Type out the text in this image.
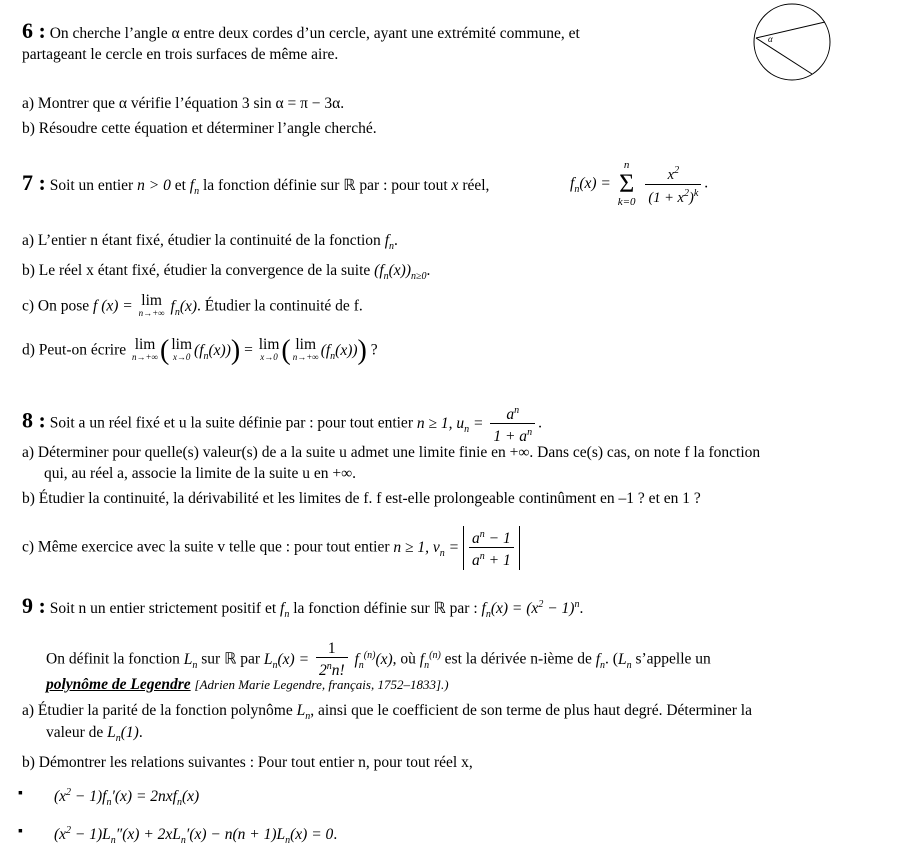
6 : On cherche l’angle α entre deux cordes d’un cercle, ayant une extrémité commune, et
partageant le cercle en trois surfaces de même aire.
α
a) Montrer que α vérifie l’équation 3 sin α = π − 3α.
b) Résoudre cette équation et déterminer l’angle cherché.
7 : Soit un entier n > 0 et $f_n$ la fonction définie sur ℝ par : pour tout x réel,	$f_n(x) = n$
Σ
$k=0 \frac{x^2}{(1 + x^2)^k}$ .
a) L’entier n étant fixé, étudier la continuité de la fonction $f_n$.
b) Le réel x étant fixé, étudier la convergence de la suite $(f_n(x))_{n\ge 0}$.
c) On pose f (x) = lim
n→+∞ $f_n(x)$. Étudier la continuité de f.
d) Peut-on écrire lim
n→+∞ ( lim
x→0 $(f_n(x))) = \lim$
x→0 ( lim
n→+∞ $(f_n(x))$) ?
8 : Soit a un réel fixé et u la suite définie par : pour tout entier n ≥ 1, $u_n = \frac{a^n}{1 + a^n}$ .
a) Déterminer pour quelle(s) valeur(s) de a la suite u admet une limite finie en +∞. Dans ce(s) cas, on note f la fonction
qui, au réel a, associe la limite de la suite u en +∞.
b) Étudier la continuité, la dérivabilité et les limites de f. f est-elle prolongeable continûment en –1 ? et en 1 ?
c) Même exercice avec la suite v telle que : pour tout entier n ≥ 1, $v_n = \frac{a^n - 1}{a^n + 1}$
9 : Soit n un entier strictement positif et $f_n$ la fonction définie sur ℝ par : $f_n(x) = (x^2 - 1)^n$.
On définit la fonction $L_n$ sur ℝ par $L_n(x) = \frac{1}{2^nn!} f_n^{(n)}(x)$, où $f_n^{(n)}$ est la dérivée n-ième de $f_n$. ($L_n$ s’appelle un
polynôme de Legendre [Adrien Marie Legendre, français, 1752–1833].)
a) Étudier la parité de la fonction polynôme $L_n$, ainsi que le coefficient de son terme de plus haut degré. Déterminer la
valeur de $L_n(1)$.
b) Démontrer les relations suivantes : Pour tout entier n, pour tout réel x,
▪ $(x^2 - 1)f_n'(x) = 2nxf_n(x)$
▪ $(x^2 - 1)L_n''(x) + 2xL_n'(x) - n(n + 1)L_n(x) = 0$.
